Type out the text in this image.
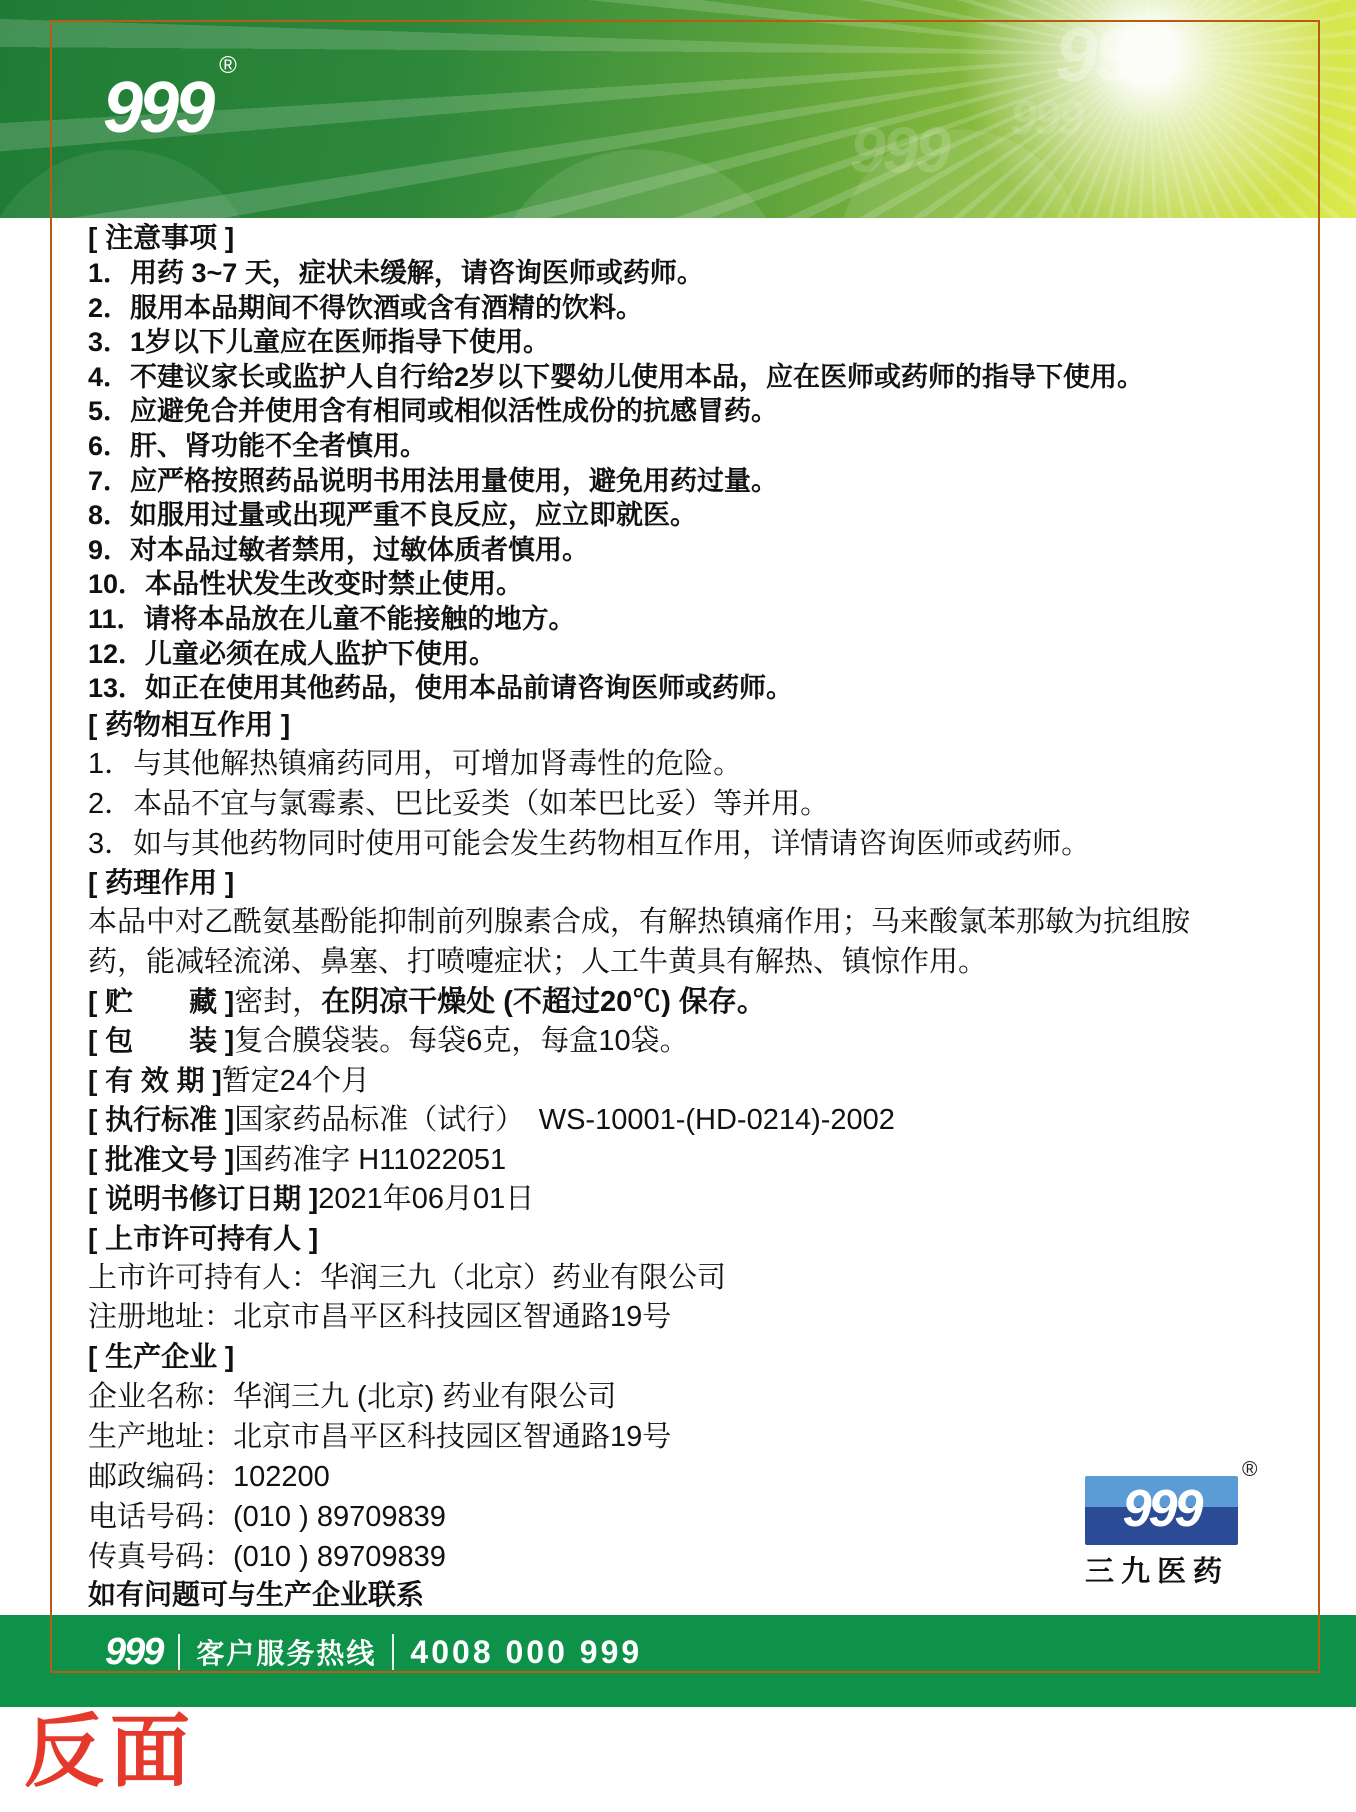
999
999 999
999®
[ 注意事项 ]
1．用药 3~7 天，症状未缓解，请咨询医师或药师。
2．服用本品期间不得饮酒或含有酒精的饮料。
3．1岁以下儿童应在医师指导下使用。
4．不建议家长或监护人自行给2岁以下婴幼儿使用本品，应在医师或药师的指导下使用。
5．应避免合并使用含有相同或相似活性成份的抗感冒药。
6．肝、肾功能不全者慎用。
7．应严格按照药品说明书用法用量使用，避免用药过量。
8．如服用过量或出现严重不良反应，应立即就医。
9．对本品过敏者禁用，过敏体质者慎用。
10．本品性状发生改变时禁止使用。
11．请将本品放在儿童不能接触的地方。
12．儿童必须在成人监护下使用。
13．如正在使用其他药品，使用本品前请咨询医师或药师。
[ 药物相互作用 ]
1．与其他解热镇痛药同用，可增加肾毒性的危险。
2．本品不宜与氯霉素、巴比妥类（如苯巴比妥）等并用。
3．如与其他药物同时使用可能会发生药物相互作用，详情请咨询医师或药师。
[ 药理作用 ]
本品中对乙酰氨基酚能抑制前列腺素合成，有解热镇痛作用；马来酸氯苯那敏为抗组胺
药，能减轻流涕、鼻塞、打喷嚏症状；人工牛黄具有解热、镇惊作用。
[ 贮　　藏 ]密封，在阴凉干燥处 (不超过20℃) 保存。
[ 包　　装 ]复合膜袋装。每袋6克，每盒10袋。
[ 有 效 期 ]暂定24个月
[ 执行标准 ]国家药品标准（试行）　WS-10001-(HD-0214)-2002
[ 批准文号 ]国药准字 H11022051
[ 说明书修订日期 ]2021年06月01日
[ 上市许可持有人 ]
上市许可持有人：华润三九（北京）药业有限公司
注册地址：北京市昌平区科技园区智通路19号
[ 生产企业 ]
企业名称：华润三九 (北京) 药业有限公司
生产地址：北京市昌平区科技园区智通路19号
邮政编码：102200
电话号码：(010 ) 89709839
传真号码：(010 ) 89709839
如有问题可与生产企业联系
®
999
三九医药
999 客户服务热线 4008 000 999
反面
